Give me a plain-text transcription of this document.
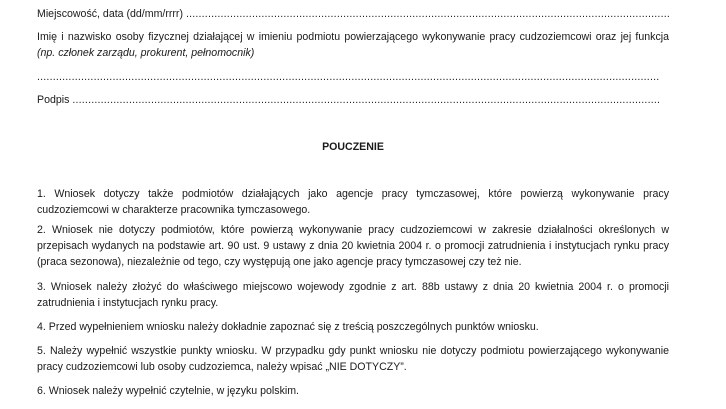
Miejscowość, data (dd/mm/rrrr) .....
Imię i nazwisko osoby fizycznej działającej w imieniu podmiotu powierzającego wykonywanie pracy cudzoziemcowi oraz jej funkcja (np. członek zarządu, prokurent, pełnomocnik)
.....
Podpis .....
POUCZENIE
1. Wniosek dotyczy także podmiotów działających jako agencje pracy tymczasowej, które powierzą wykonywanie pracy cudzoziemcowi w charakterze pracownika tymczasowego.
2. Wniosek nie dotyczy podmiotów, które powierzą wykonywanie pracy cudzoziemcowi w zakresie działalności określonych w przepisach wydanych na podstawie art. 90 ust. 9 ustawy z dnia 20 kwietnia 2004 r. o promocji zatrudnienia i instytucjach rynku pracy (praca sezonowa), niezależnie od tego, czy występują one jako agencje pracy tymczasowej czy też nie.
3. Wniosek należy złożyć do właściwego miejscowo wojewody zgodnie z art. 88b ustawy z dnia 20 kwietnia 2004 r. o promocji zatrudnienia i instytucjach rynku pracy.
4. Przed wypełnieniem wniosku należy dokładnie zapoznać się z treścią poszczególnych punktów wniosku.
5. Należy wypełnić wszystkie punkty wniosku. W przypadku gdy punkt wniosku nie dotyczy podmiotu powierzającego wykonywanie pracy cudzoziemcowi lub osoby cudzoziemca, należy wpisać „NIE DOTYCZY”.
6. Wniosek należy wypełnić czytelnie, w języku polskim.
